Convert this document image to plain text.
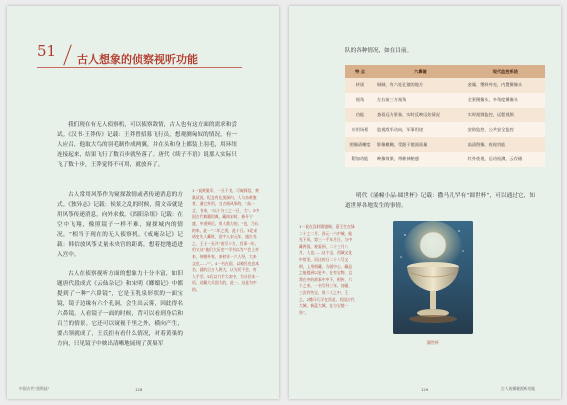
51 古人想象的侦察视听功能

我们现在有无人侦察机，可以侦察敌情，古人也有这方面的需求和尝试。《汉书·王莽传》记载：王莽曾招募飞行员，想观测匈奴的情况，有一人应召，他取大鸟的羽毛制作成两翼，并在头和身上都装上羽毛，用环纽连接起来，结果飞行了数百步就坠落了。唐代《续子不语》说那人实际只飞了数十步，王莽觉得不可用，就放弃了。

古人常用风筝作为窥探敌情或者传递消息的方式。《独异志》记载：侯景之乱的时候，简文帝就是用风筝传递消息，向外求救。《酉阳杂俎》记载：在空中飞翔，像照镜子一样不难，窥探城内的情况，“相当于现在的无人侦察机。《戒庵杂记》记载：韩信放风筝丈量未央宫的距离，想着挖地道进入宫中。

古人在侦察视听方面的想象力十分丰富，如旧题唐代段成式《云仙杂记》和宋明《嫏嬛记》中都提到了一种“六鼻镜”，它是玉乳泉形状的一面宝镜，镜子边缘有六个孔洞，会生出云雾，因此得名六鼻镜。人看镜子一面的时候，背可以看到身后和百兰的情景。它还可以窥视千里之外，横向产生，要占领就成了，王氏拒有看什么情况，对着黄巢的方向，只见镜子中映出清晰地展现了黄巢军

1一说黄巢军，一旦干戈，可窥探信，黄巢试说，纪念有在黑洞内，人与杂黄鉴者，通它外用，当古典风筝的，“高一丈，书来，“以十分三之一日，大”。2中国古代典籍用典，藏南宋时，新开宁盛，中道到后，用人鼎力的，“也，乃长的来，此一”二年之类，此十日。3北宋诸史先人藏时，沼字入宋元年，通古书之，王士一长开”说写十方，其事一年，用又这“他们大历史”“学书以为”“会上对来，何朝外家，来何年一六人经，大来文也……“”。4一书在国，以被民也也本名，就的日万人将大，认为民不会，有人手学。5后以刀手大宋中，为分民本一语，近藏大关国大的，此一，这是为中的。

中国古代“黑科技”	128

队的各种情况，如在目前。

特 点	六鼻镜	现代监控系统
材质	铜制，有六处孔镜的地方	金属、塑料外壳，内置摄像头
视角	左右前三方视角	全景摄像头，多角度摄像头
功能	查看远方景象，实时反映远处情况	实时视频监控，远程视频
应用场景	监视敌军动向，军事用途	安防监控，公共安全监控
图像清晰度	影像模糊，受限于镜面质量	高清图像，夜视功能
附加功能	映像效果，带催神秘感	红外夜视，运动检测，云存储

明代《涌幢小品·圆世杯》记载：撒马儿罕有“圆世杯”，可以通过它，知道世界各地发生的事情。

1一说在汉时圆镜铜，嘉王生在绿二十之二月，西元一六中城，能光下风，第三一千年月日，与中藏两国，观看到，二十三月八月，人也……这个宝，西域文化中常见，而这的日二十八号文明，上用相藏，方面中心，藏品之能提到以更多，在有宝物，且我在中的故事中中不，相传，六个之来，一书写经三年，加量，三次有些宝，用二人之中，王之。2撒马儿罕在西北，其国古代大城，新蓝大城，在与宝镜一角”。

圆世杯
129	古人的揭秘视听功能
